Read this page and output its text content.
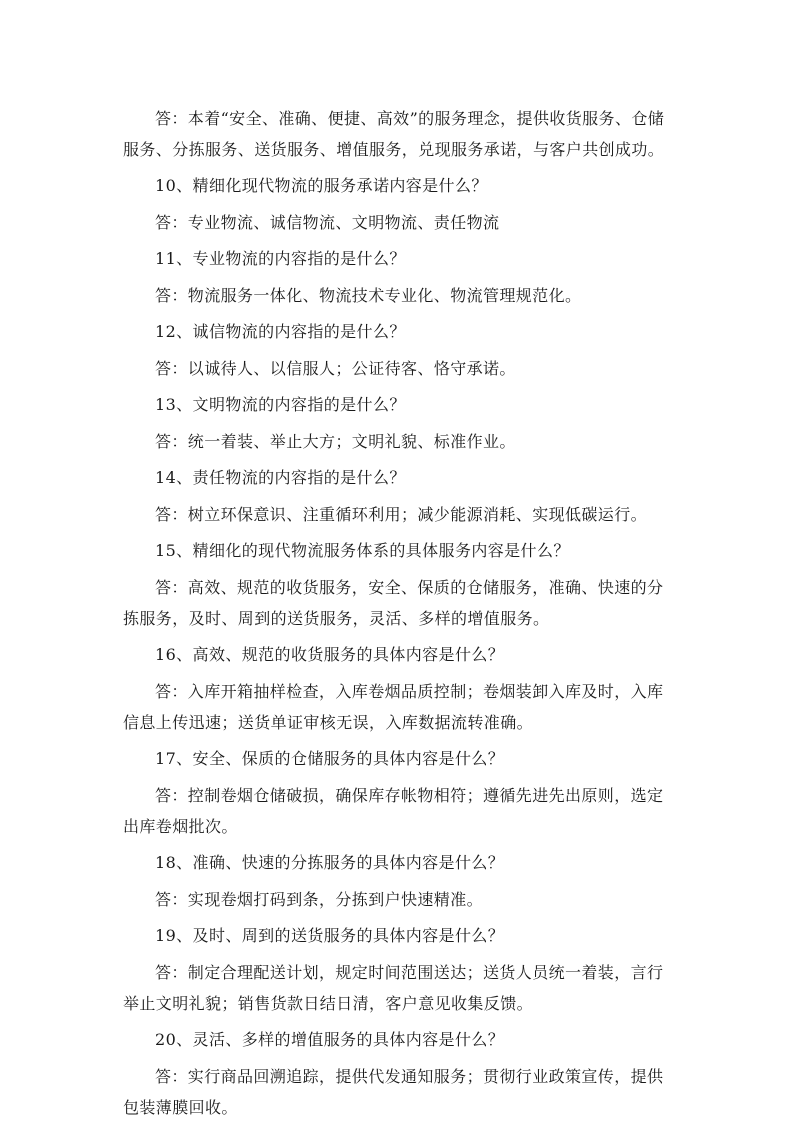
答：本着“安全、准确、便捷、高效”的服务理念，提供收货服务、仓储服务、分拣服务、送货服务、增值服务，兑现服务承诺，与客户共创成功。

10、精细化现代物流的服务承诺内容是什么？

答：专业物流、诚信物流、文明物流、责任物流

11、专业物流的内容指的是什么？

答：物流服务一体化、物流技术专业化、物流管理规范化。

12、诚信物流的内容指的是什么？

答：以诚待人、以信服人；公证待客、恪守承诺。

13、文明物流的内容指的是什么？

答：统一着装、举止大方；文明礼貌、标准作业。

14、责任物流的内容指的是什么？

答：树立环保意识、注重循环利用；减少能源消耗、实现低碳运行。

15、精细化的现代物流服务体系的具体服务内容是什么？

答：高效、规范的收货服务，安全、保质的仓储服务，准确、快速的分拣服务，及时、周到的送货服务，灵活、多样的增值服务。

16、高效、规范的收货服务的具体内容是什么？

答：入库开箱抽样检查，入库卷烟品质控制；卷烟装卸入库及时，入库信息上传迅速；送货单证审核无误，入库数据流转准确。

17、安全、保质的仓储服务的具体内容是什么？

答：控制卷烟仓储破损，确保库存帐物相符；遵循先进先出原则，选定出库卷烟批次。

18、准确、快速的分拣服务的具体内容是什么？

答：实现卷烟打码到条，分拣到户快速精准。

19、及时、周到的送货服务的具体内容是什么？

答：制定合理配送计划，规定时间范围送达；送货人员统一着装，言行举止文明礼貌；销售货款日结日清，客户意见收集反馈。

20、灵活、多样的增值服务的具体内容是什么？

答：实行商品回溯追踪，提供代发通知服务；贯彻行业政策宣传，提供包装薄膜回收。
